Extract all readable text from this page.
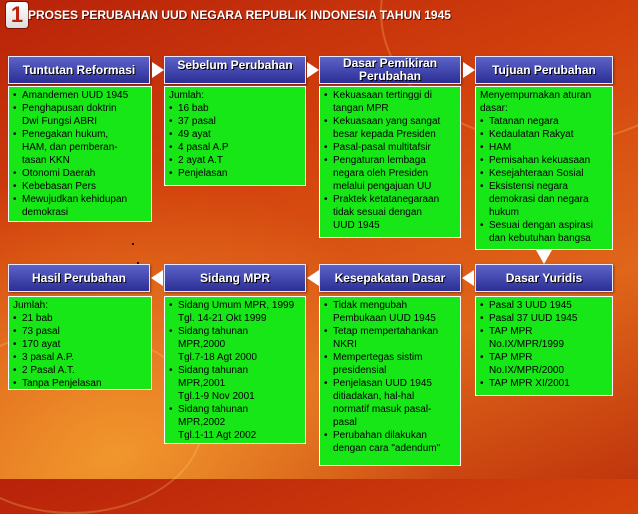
1 PROSES PERUBAHAN UUD NEGARA REPUBLIK INDONESIA TAHUN 1945
Tuntutan Reformasi	Sebelum Perubahan	Dasar Pemikiran Perubahan	Tujuan Perubahan
• Amandemen UUD 1945
• Penghapusan doktrin
Dwi Fungsi ABRI
• Penegakan hukum,
HAM, dan pemberan-
tasan KKN
• Otonomi Daerah
• Kebebasan Pers
• Mewujudkan kehidupan
demokrasi
Jumlah:
• 16 bab
• 37 pasal
• 49 ayat
• 4 pasal A.P
• 2 ayat A.T
• Penjelasan
• Kekuasaan tertinggi di
tangan MPR
• Kekuasaan yang sangat
besar kepada Presiden
• Pasal-pasal multitafsir
• Pengaturan lembaga
negara oleh Presiden
melalui pengajuan UU
• Praktek ketatanegaraan
tidak sesuai dengan
UUD 1945
Menyempurnakan aturan
dasar:
• Tatanan negara
• Kedaulatan Rakyat
• HAM
• Pemisahan kekuasaan
• Kesejahteraan Sosial
• Eksistensi negara
demokrasi dan negara
hukum
• Sesuai dengan aspirasi
dan kebutuhan bangsa
Hasil Perubahan	Sidang MPR	Kesepakatan Dasar	Dasar Yuridis
Jumlah:
• 21 bab
• 73 pasal
• 170 ayat
• 3 pasal A.P.
• 2 Pasal A.T.
• Tanpa Penjelasan
• Sidang Umum MPR, 1999
Tgl. 14-21 Okt 1999
• Sidang tahunan
MPR,2000
Tgl.7-18 Agt 2000
• Sidang tahunan
MPR,2001
Tgl.1-9 Nov 2001
• Sidang tahunan
MPR,2002
Tgl.1-11 Agt 2002
• Tidak mengubah
Pembukaan UUD 1945
• Tetap mempertahankan
NKRI
• Mempertegas sistim
presidensial
• Penjelasan UUD 1945
ditiadakan, hal-hal
normatif masuk pasal-
pasal
• Perubahan dilakukan
dengan cara "adendum"
• Pasal 3 UUD 1945
• Pasal 37 UUD 1945
• TAP MPR
No.IX/MPR/1999
• TAP MPR
No.IX/MPR/2000
• TAP MPR XI/2001
